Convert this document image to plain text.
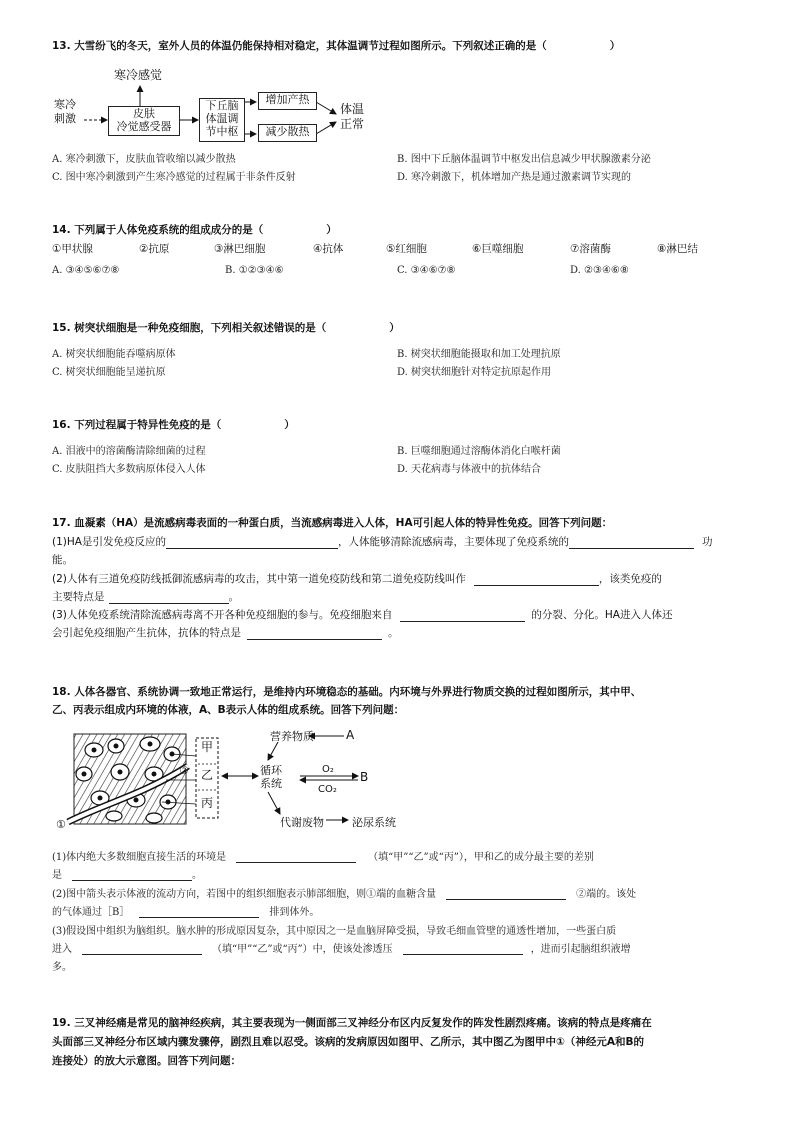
13. 大雪纷飞的冬天，室外人员的体温仍能保持相对稳定，其体温调节过程如图所示。下列叙述正确的是（　　　　　　）
寒冷
刺激
寒冷感觉
皮肤
冷觉感受器
下丘脑
体温调
节中枢
增加产热
减少散热
体温
正常
A. 寒冷刺激下，皮肤血管收缩以减少散热	B. 图中下丘脑体温调节中枢发出信息减少甲状腺激素分泌
C. 图中寒冷刺激到产生寒冷感觉的过程属于非条件反射	D. 寒冷刺激下，机体增加产热是通过激素调节实现的
14. 下列属于人体免疫系统的组成成分的是（　　　　　　）
①甲状腺	②抗原	③淋巴细胞	④抗体	⑤红细胞	⑥巨噬细胞	⑦溶菌酶	⑧淋巴结
A. ③④⑤⑥⑦⑧	B. ①②③④⑥	C. ③④⑥⑦⑧	D. ②③④⑥⑧
15. 树突状细胞是一种免疫细胞，下列相关叙述错误的是（　　　　　　）
A. 树突状细胞能吞噬病原体	B. 树突状细胞能摄取和加工处理抗原
C. 树突状细胞能呈递抗原	D. 树突状细胞针对特定抗原起作用
16. 下列过程属于特异性免疫的是（　　　　　　）
A. 泪液中的溶菌酶清除细菌的过程	B. 巨噬细胞通过溶酶体消化白喉杆菌
C. 皮肤阻挡大多数病原体侵入人体	D. 天花病毒与体液中的抗体结合
17. 血凝素（HA）是流感病毒表面的一种蛋白质，当流感病毒进入人体，HA可引起人体的特异性免疫。回答下列问题：
(1)HA是引发免疫反应的	，人体能够清除流感病毒，主要体现了免疫系统的	功
能。
(2)人体有三道免疫防线抵御流感病毒的攻击，其中第一道免疫防线和第二道免疫防线叫作	，该类免疫的
主要特点是	。
(3)人体免疫系统清除流感病毒离不开各种免疫细胞的参与。免疫细胞来自	的分裂、分化。HA进入人体还
会引起免疫细胞产生抗体，抗体的特点是	。
18. 人体各器官、系统协调一致地正常运行，是维持内环境稳态的基础。内环境与外界进行物质交换的过程如图所示，其中甲、
乙、丙表示组成内环境的体液，A、B表示人体的组成系统。回答下列问题：
甲
乙
丙
①
②	循环
系统
营养物质	A
B
O₂
CO₂
代谢废物	泌尿系统
(1)体内绝大多数细胞直接生活的环境是	（填“甲”“乙”或“丙”），甲和乙的成分最主要的差别
是	。
(2)图中箭头表示体液的流动方向，若图中的组织细胞表示肺部细胞，则①端的血糖含量	②端的。该处
的气体通过［B］	排到体外。
(3)假设图中组织为脑组织。脑水肿的形成原因复杂，其中原因之一是血脑屏障受损，导致毛细血管壁的通透性增加，一些蛋白质
进入	（填“甲”“乙”或“丙”）中，使该处渗透压	，进而引起脑组织液增
多。
19. 三叉神经痛是常见的脑神经疾病，其主要表现为一侧面部三叉神经分布区内反复发作的阵发性剧烈疼痛。该病的特点是疼痛在
头面部三叉神经分布区域内骤发骤停，剧烈且难以忍受。该病的发病原因如图甲、乙所示，其中图乙为图甲中①（神经元A和B的
连接处）的放大示意图。回答下列问题：
